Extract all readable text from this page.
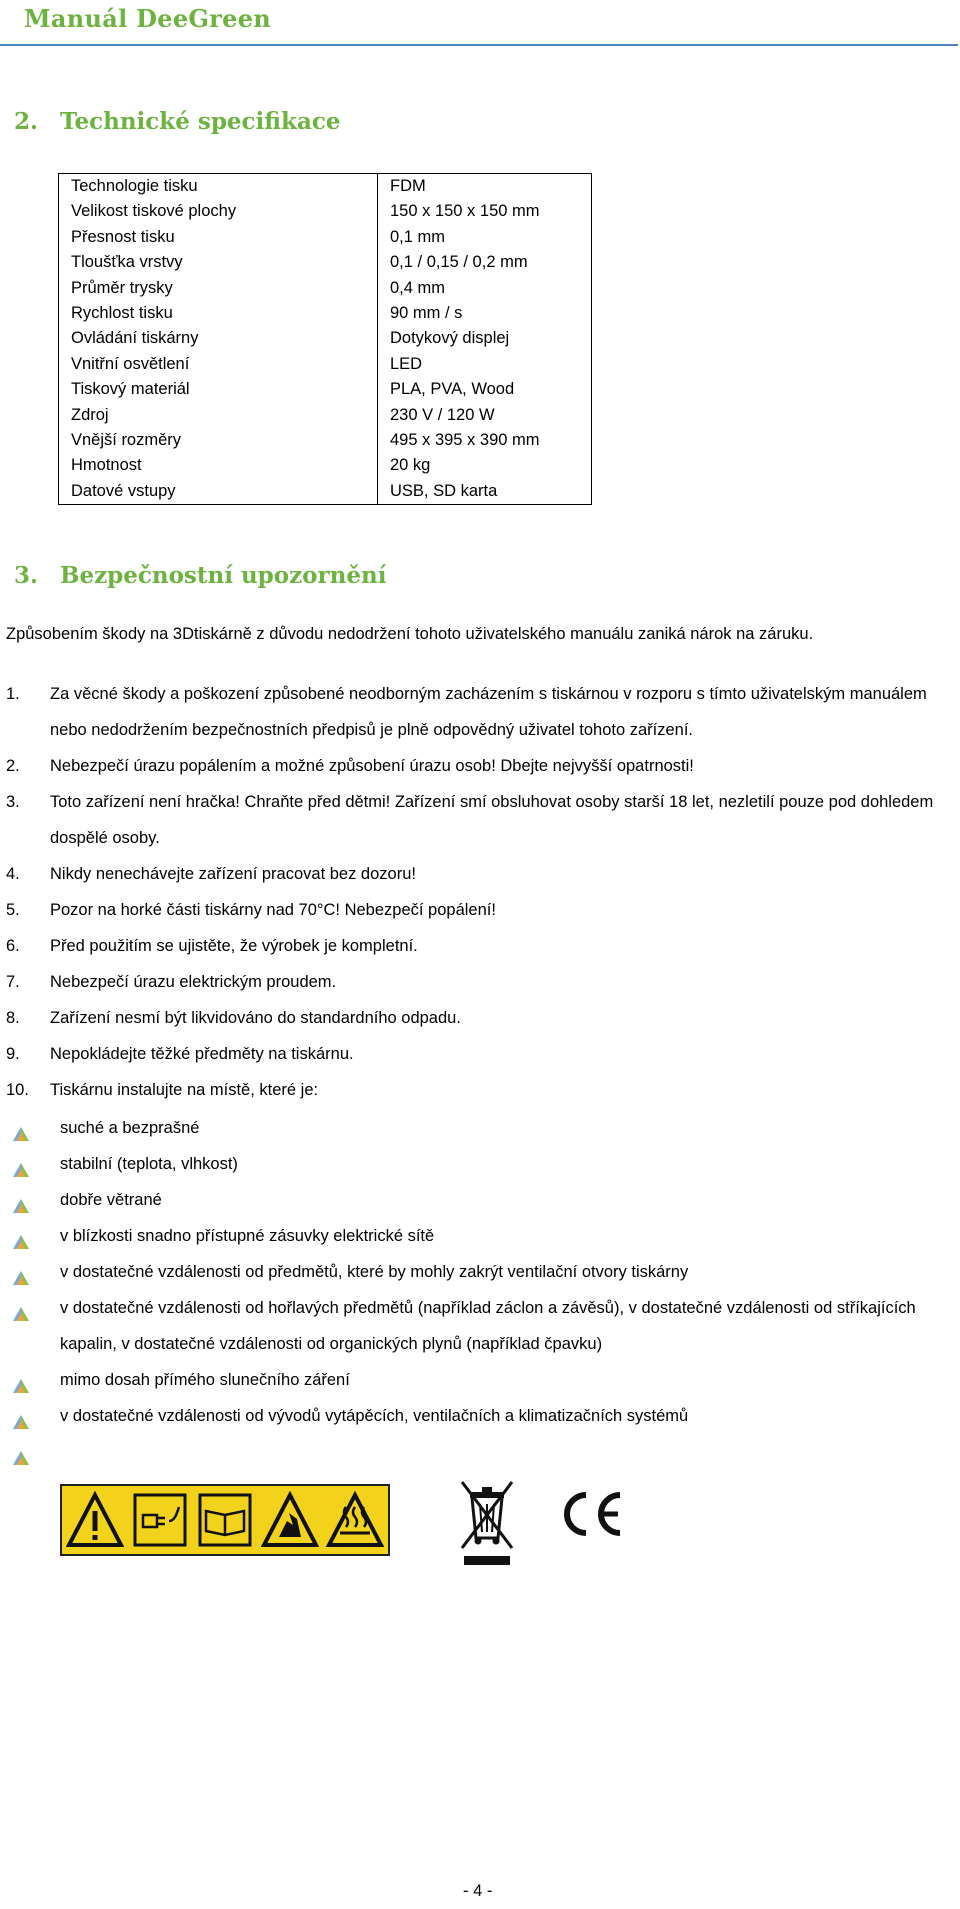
Manuál DeeGreen
2. Technické specifikace
Technologie tisku	FDM
Velikost tiskové plochy	150 x 150 x 150 mm
Přesnost tisku	0,1 mm
Tloušťka vrstvy	0,1 / 0,15 / 0,2 mm
Průměr trysky	0,4 mm
Rychlost tisku	90 mm / s
Ovládání tiskárny	Dotykový displej
Vnitřní osvětlení	LED
Tiskový materiál	PLA, PVA, Wood
Zdroj	230 V / 120 W
Vnější rozměry	495 x 395 x 390 mm
Hmotnost	20 kg
Datové vstupy	USB, SD karta
3. Bezpečnostní upozornění
Způsobením škody na 3Dtiskárně z důvodu nedodržení tohoto uživatelského manuálu zaniká nárok na záruku.
1.	Za věcné škody a poškození způsobené neodborným zacházením s tiskárnou v rozporu s tímto uživatelským manuálem nebo nedodržením bezpečnostních předpisů je plně odpovědný uživatel tohoto zařízení.
2.	Nebezpečí úrazu popálením a možné způsobení úrazu osob! Dbejte nejvyšší opatrnosti!
3.	Toto zařízení není hračka! Chraňte před dětmi! Zařízení smí obsluhovat osoby starší 18 let, nezletilí pouze pod dohledem dospělé osoby.
4.	Nikdy nenechávejte zařízení pracovat bez dozoru!
5.	Pozor na horké části tiskárny nad 70°C! Nebezpečí popálení!
6.	Před použitím se ujistěte, že výrobek je kompletní.
7.	Nebezpečí úrazu elektrickým proudem.
8.	Zařízení nesmí být likvidováno do standardního odpadu.
9.	Nepokládejte těžké předměty na tiskárnu.
10.	Tiskárnu instalujte na místě, které je:
suché a bezprašné
stabilní (teplota, vlhkost)
dobře větrané
v blízkosti snadno přístupné zásuvky elektrické sítě
v dostatečné vzdálenosti od předmětů, které by mohly zakrýt ventilační otvory tiskárny
v dostatečné vzdálenosti od hořlavých předmětů (například záclon a závěsů), v dostatečné vzdálenosti od stříkajících kapalin, v dostatečné vzdálenosti od organických plynů (například čpavku)
mimo dosah přímého slunečního záření
v dostatečné vzdálenosti od vývodů vytápěcích, ventilačních a klimatizačních systémů
- 4 -
